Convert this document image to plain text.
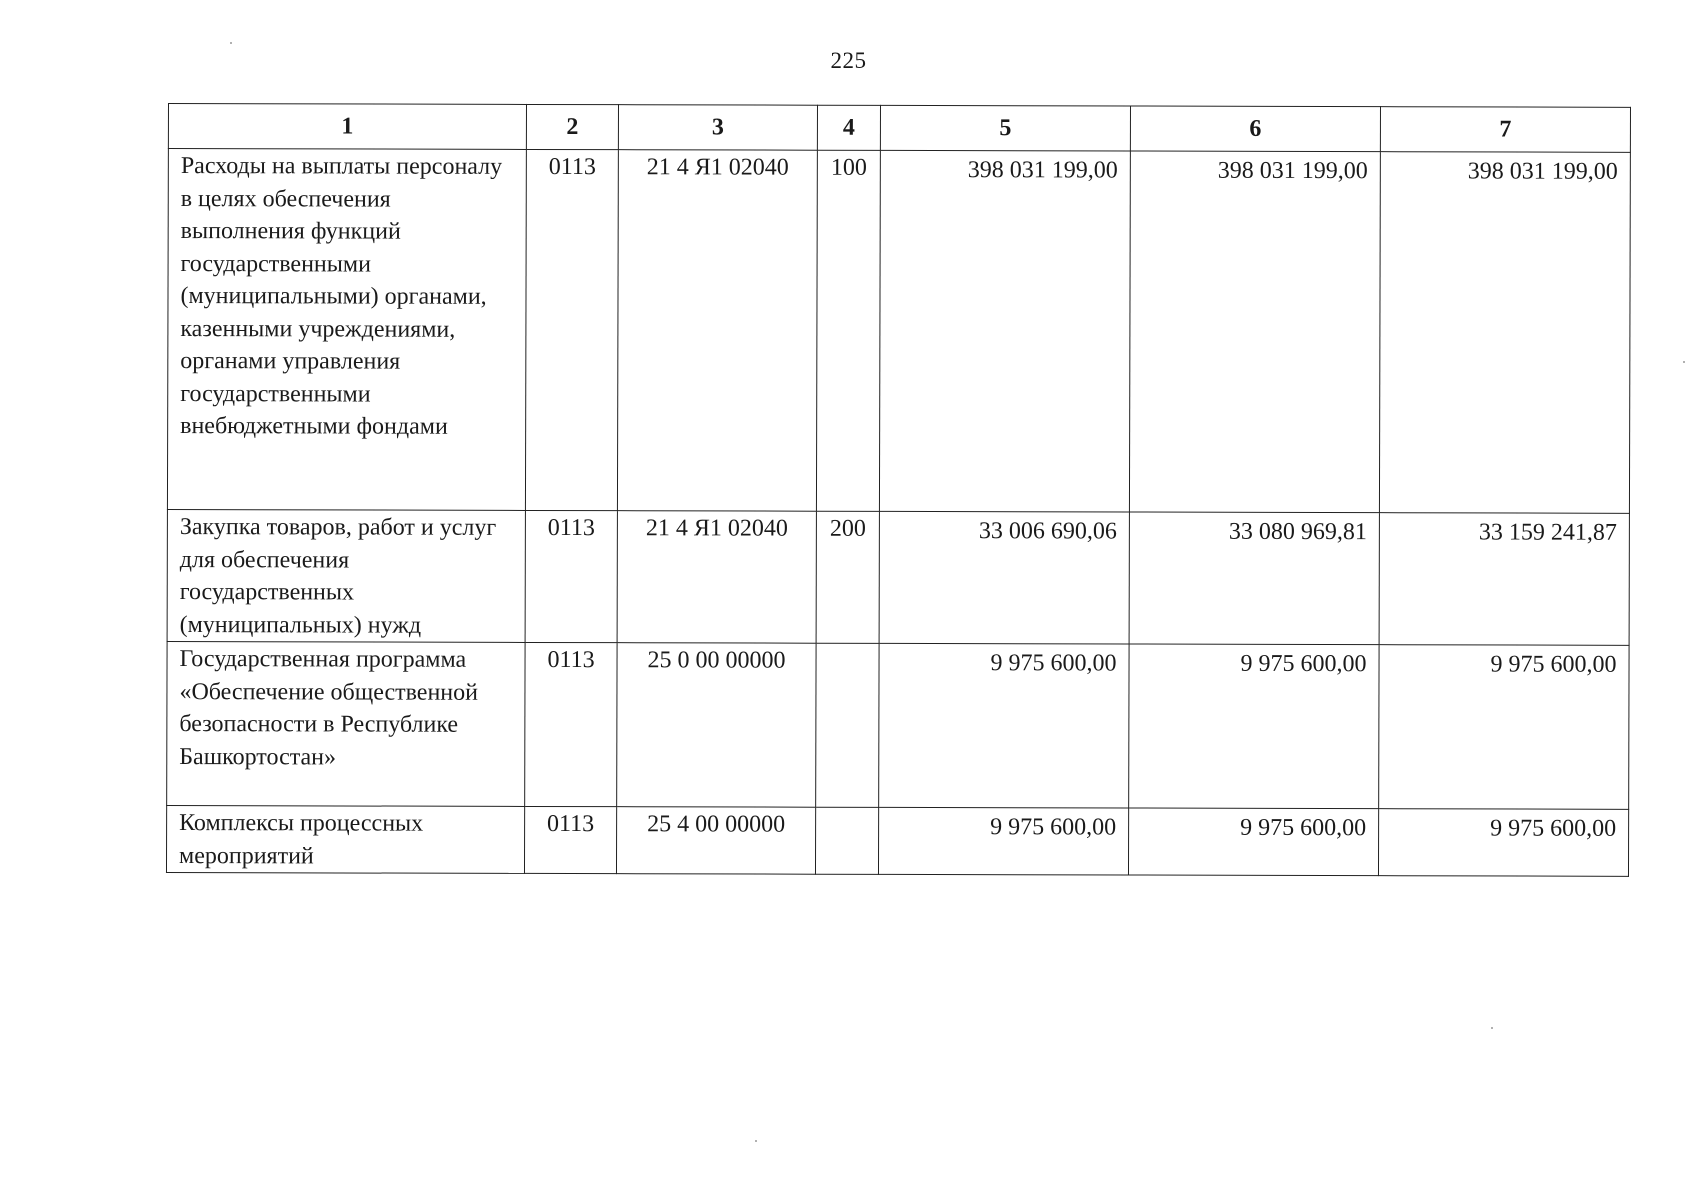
225
1	2	3	4	5	6	7
Расходы на выплаты персоналу в целях обеспечения выполнения функций государственными (муниципальными) органами, казенными учреждениями, органами управления государственными внебюджетными фондами	0113	21 4 Я1 02040	100	398 031 199,00	398 031 199,00	398 031 199,00
Закупка товаров, работ и услуг для обеспечения государственных (муниципальных) нужд	0113	21 4 Я1 02040	200	33 006 690,06	33 080 969,81	33 159 241,87
Государственная программа «Обеспечение общественной безопасности в Республике Башкортостан»	0113	25 0 00 00000		9 975 600,00	9 975 600,00	9 975 600,00
Комплексы процессных мероприятий	0113	25 4 00 00000		9 975 600,00	9 975 600,00	9 975 600,00
